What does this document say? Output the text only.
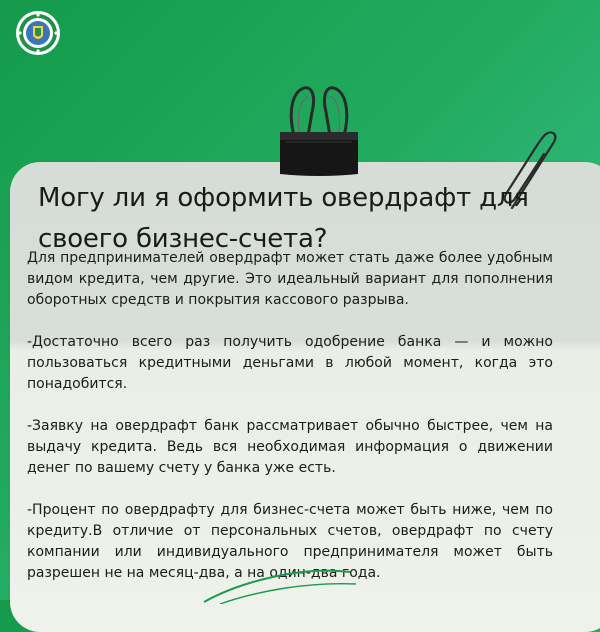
Могу ли я оформить овердрафт для своего бизнес-счета?

Для предпринимателей овердрафт может стать даже более удобным видом кредита, чем другие. Это идеальный вариант для пополнения оборотных средств и покрытия кассового разрыва.

-Достаточно всего раз получить одобрение банка — и можно пользоваться кредитными деньгами в любой момент, когда это понадобится.

-Заявку на овердрафт банк рассматривает обычно быстрее, чем на выдачу кредита. Ведь вся необходимая информация о движении денег по вашему счету у банка уже есть.

-Процент по овердрафту для бизнес-счета может быть ниже, чем по кредиту.В отличие от персональных счетов, овердрафт по счету компании или индивидуального предпринимателя может быть разрешен не на месяц-два, а на один-два года.
